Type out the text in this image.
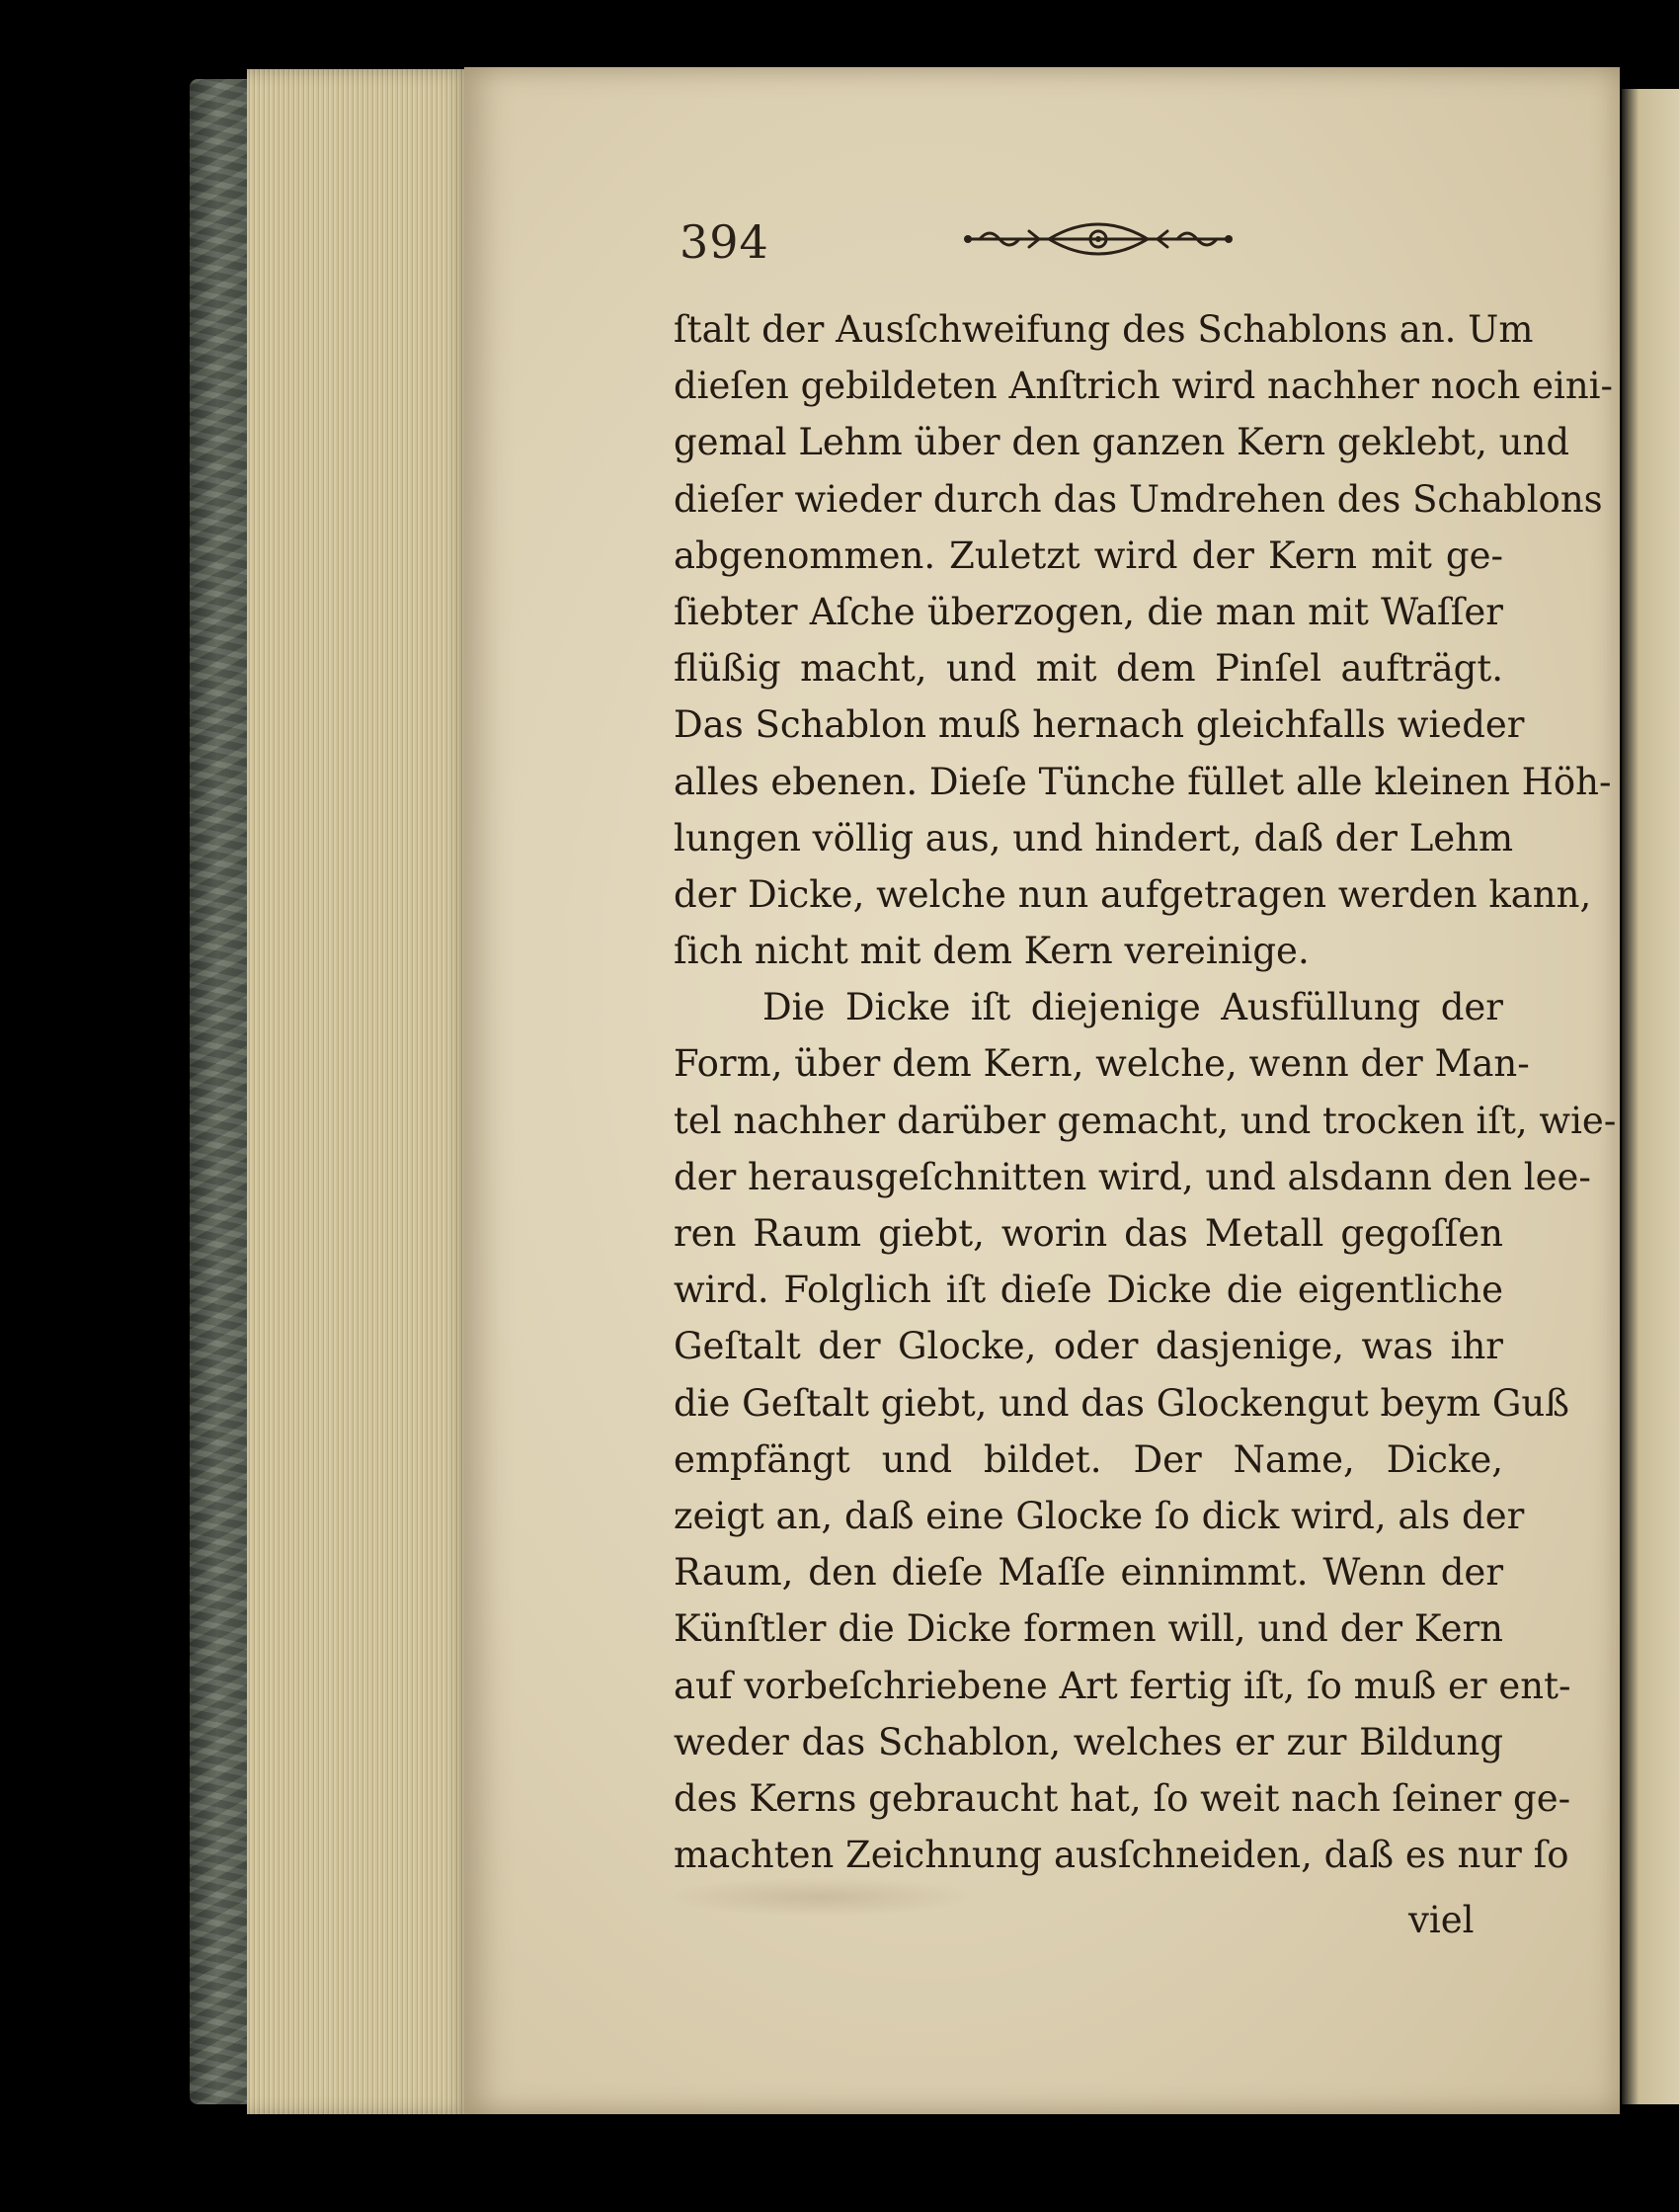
394
ſtalt der Ausſchweifung des Schablons an. Um
dieſen gebildeten Anſtrich wird nachher noch eini-
gemal Lehm über den ganzen Kern geklebt, und
dieſer wieder durch das Umdrehen des Schablons
abgenommen. Zuletzt wird der Kern mit ge-
ſiebter Aſche überzogen, die man mit Waſſer
flüßig macht, und mit dem Pinſel aufträgt.
Das Schablon muß hernach gleichfalls wieder
alles ebenen. Dieſe Tünche füllet alle kleinen Höh-
lungen völlig aus, und hindert, daß der Lehm
der Dicke, welche nun aufgetragen werden kann,
ſich nicht mit dem Kern vereinige.
Die Dicke iſt diejenige Ausfüllung der
Form, über dem Kern, welche, wenn der Man-
tel nachher darüber gemacht, und trocken iſt, wie-
der herausgeſchnitten wird, und alsdann den lee-
ren Raum giebt, worin das Metall gegoſſen
wird. Folglich iſt dieſe Dicke die eigentliche
Geſtalt der Glocke, oder dasjenige, was ihr
die Geſtalt giebt, und das Glockengut beym Guß
empfängt und bildet. Der Name, Dicke,
zeigt an, daß eine Glocke ſo dick wird, als der
Raum, den dieſe Maſſe einnimmt. Wenn der
Künſtler die Dicke formen will, und der Kern
auf vorbeſchriebene Art fertig iſt, ſo muß er ent-
weder das Schablon, welches er zur Bildung
des Kerns gebraucht hat, ſo weit nach ſeiner ge-
machten Zeichnung ausſchneiden, daß es nur ſo
viel
